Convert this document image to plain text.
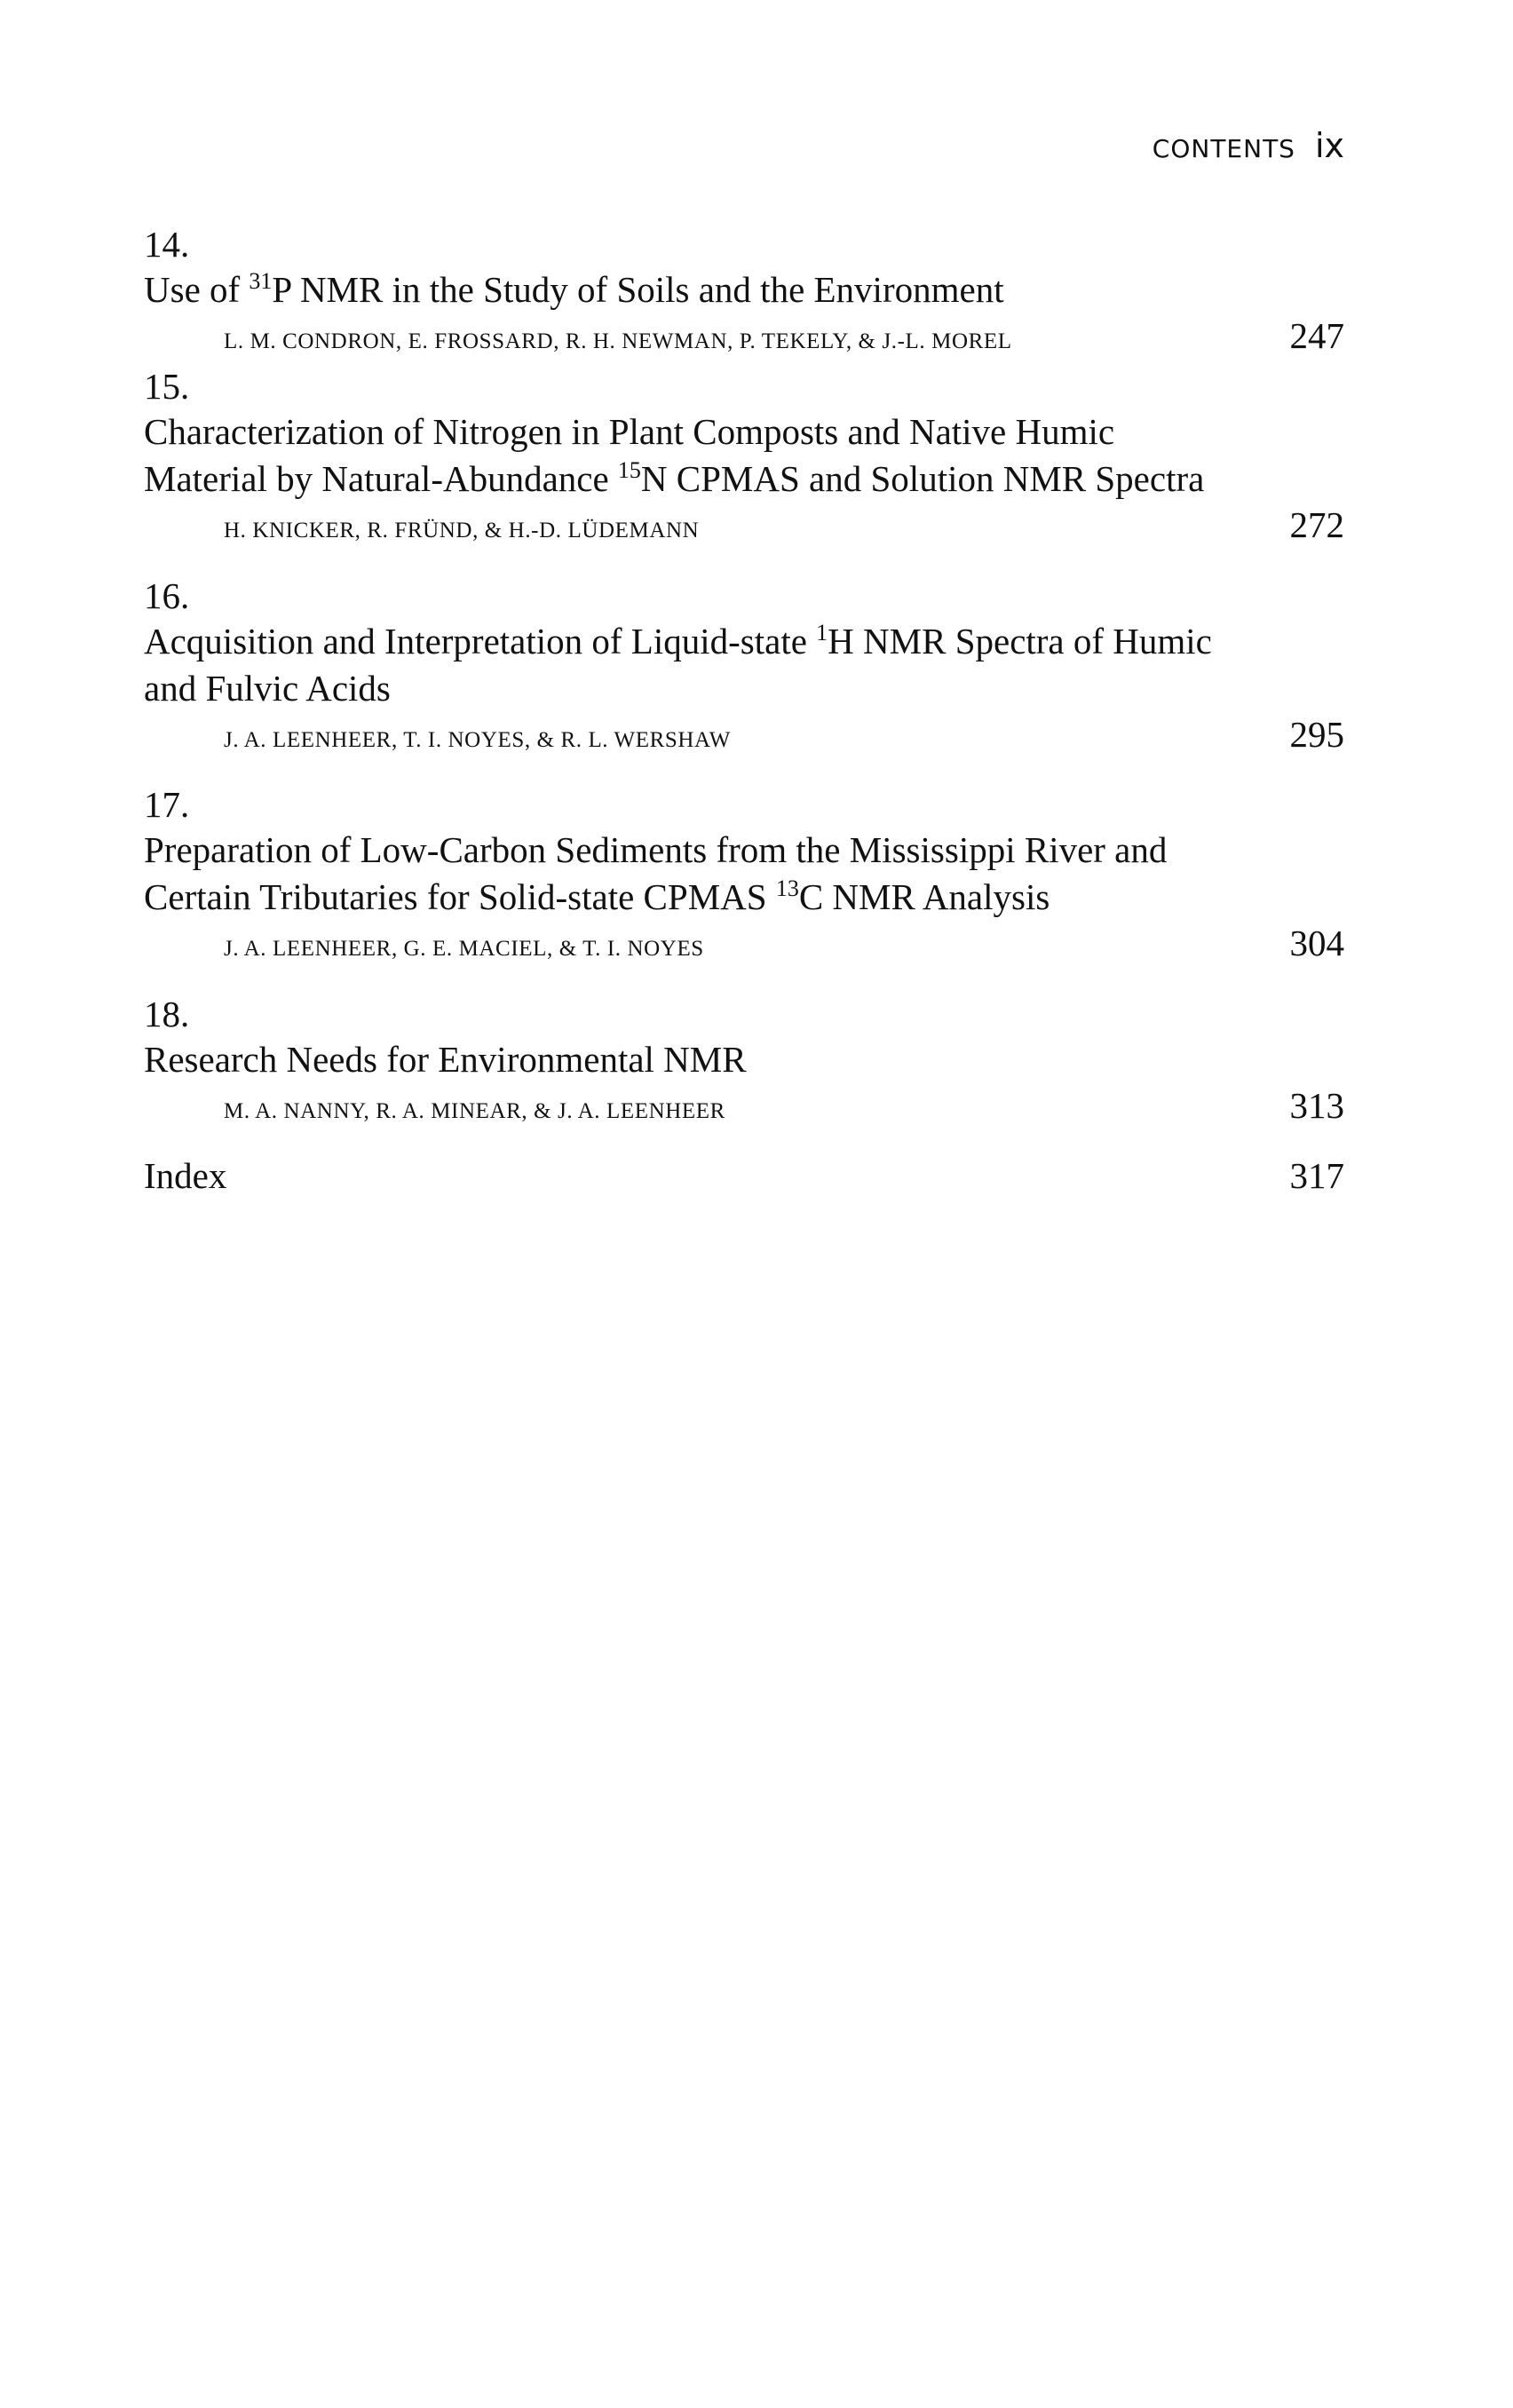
CONTENTS ix
14.
Use of $^{31}$P NMR in the Study of Soils and the Environment
L. M. CONDRON, E. FROSSARD, R. H. NEWMAN, P. TEKELY, & J.-L. MOREL	247
15.
Characterization of Nitrogen in Plant Composts and Native Humic
Material by Natural-Abundance $^{15}$N CPMAS and Solution NMR Spectra
H. KNICKER, R. FRÜND, & H.-D. LÜDEMANN	272
16.
Acquisition and Interpretation of Liquid-state $^1$H NMR Spectra of Humic
and Fulvic Acids
J. A. LEENHEER, T. I. NOYES, & R. L. WERSHAW	295
17.
Preparation of Low-Carbon Sediments from the Mississippi River and
Certain Tributaries for Solid-state CPMAS $^{13}$C NMR Analysis
J. A. LEENHEER, G. E. MACIEL, & T. I. NOYES	304
18.
Research Needs for Environmental NMR
M. A. NANNY, R. A. MINEAR, & J. A. LEENHEER	313
Index	317
